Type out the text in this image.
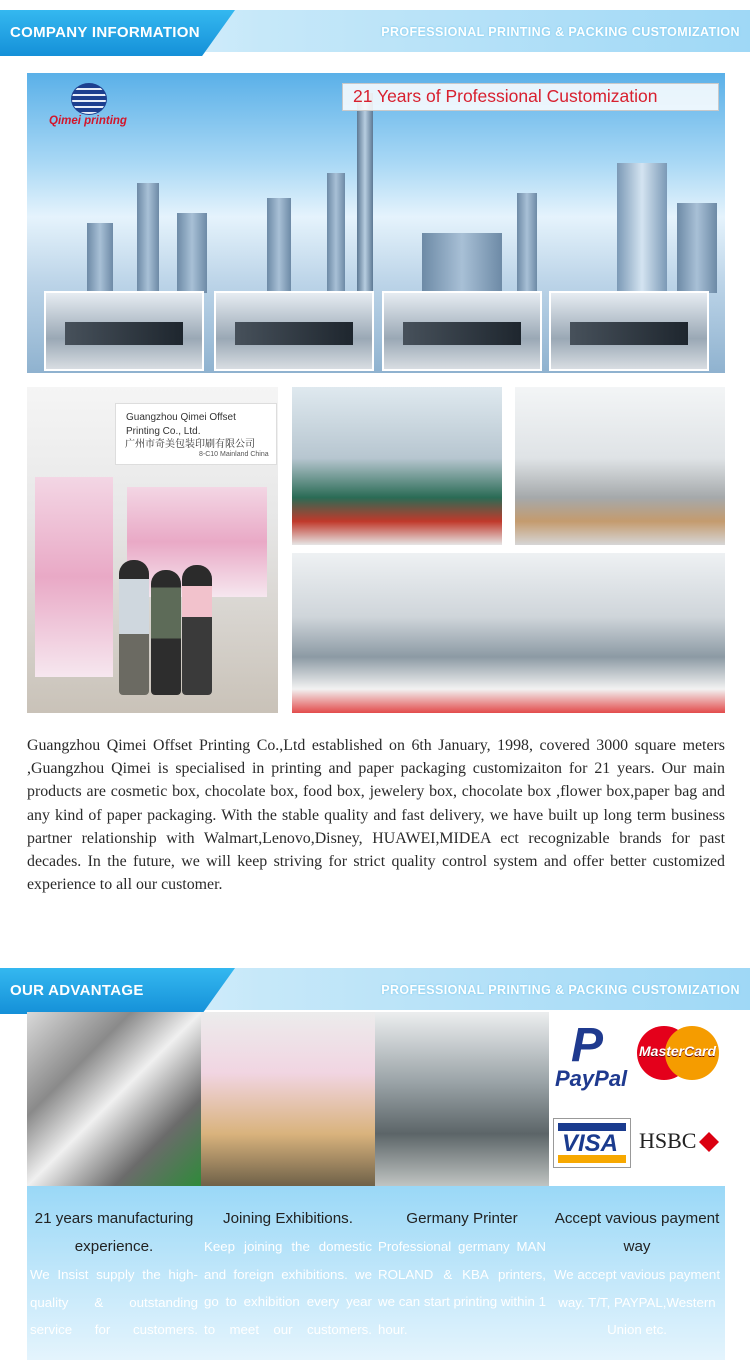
COMPANY INFORMATION	PROFESSIONAL PRINTING & PACKING CUSTOMIZATION
Qimei printing
21 Years of Professional Customization
Guangzhou Qimei Offset
Printing Co., Ltd.
广州市奇美包装印刷有限公司
8-C10 Mainland China

Guangzhou Qimei Offset Printing Co.,Ltd established on 6th January, 1998, covered 3000 square meters ,Guangzhou Qimei is specialised in printing and paper packaging customizaiton for 21 years. Our main products are cosmetic box, chocolate box, food box, jewelery box, chocolate box ,flower box,paper bag and any kind of paper packaging. With the stable quality and fast delivery, we have built up long term business partner relationship with Walmart,Lenovo,Disney, HUAWEI,MIDEA ect recognizable brands for past decades. In the future, we will keep striving for strict quality control system and offer better customized experience to all our customer.

OUR ADVANTAGE	PROFESSIONAL PRINTING & PACKING CUSTOMIZATION
P
PayPal
MasterCard
VISA HSBC
21 years manufacturing experience.

We Insist supply the high-quality & outstanding service for customers.

Joining Exhibitions.

Keep joining the domestic and foreign exhibitions. we go to exhibition every year to meet our customers.

Germany Printer

Professional germany MAN ROLAND & KBA printers, we can start printing within 1 hour.

Accept vavious payment way

We accept vavious payment way. T/T, PAYPAL,Western Union etc.
